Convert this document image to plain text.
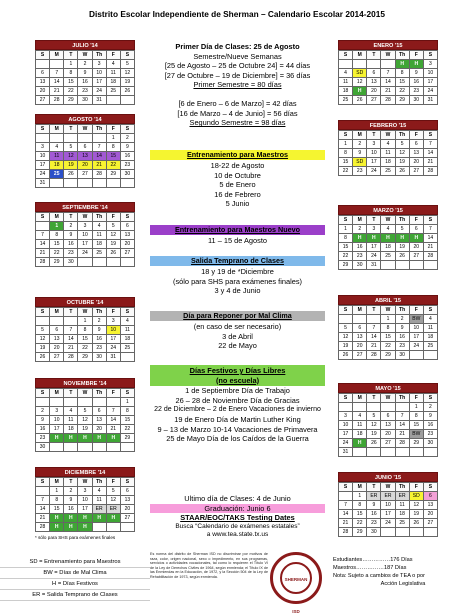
Distrito Escolar Independiente de Sherman – Calendario Escolar 2014-2015
JULIO '14
S	M	T	W	Th	F	S
		1	2	3	4	5
6	7	8	9	10	11	12
13	14	15	16	17	18	19
20	21	22	23	24	25	26
27	28	29	30	31		
AGOSTO '14
S	M	T	W	Th	F	S
					1	2
3	4	5	6	7	8	9
10	11	12	13	14	15	16
17	18	19	20	21	22	23
24	25	26	27	28	29	30
31						
SEPTIEMBRE '14
S	M	T	W	Th	F	S
	1	2	3	4	5	6
7	8	9	10	11	12	13
14	15	16	17	18	19	20
21	22	23	24	25	26	27
28	29	30				
OCTUBRE '14
S	M	T	W	Th	F	S
			1	2	3	4
5	6	7	8	9	10	11
12	13	14	15	16	17	18
19	20	21	22	23	24	25
26	27	28	29	30	31	
NOVIEMBRE '14
S	M	T	W	Th	F	S
						1
2	3	4	5	6	7	8
9	10	11	12	13	14	15
16	17	18	19	20	21	22
23	H	H	H	H	H	29
30						
DICIEMBRE '14
S	M	T	W	Th	F	S
	1	2	3	4	5	6
7	8	9	10	11	12	13
14	15	16	17	ER	ER	20
21	H	H	H	H	H	27
28	H	H	H			
ENERO '15
S	M	T	W	Th	F	S
				H	H	3
4	SD	6	7	8	9	10
11	12	13	14	15	16	17
18	H	20	21	22	23	24
25	26	27	28	29	30	31
FEBRERO '15
S	M	T	W	Th	F	S
1	2	3	4	5	6	7
8	9	10	11	12	13	14
15	SD	17	18	19	20	21
22	23	24	25	26	27	28
MARZO '15
S	M	T	W	Th	F	S
1	2	3	4	5	6	7
8	H	H	H	H	H	14
15	16	17	18	19	20	21
22	23	24	25	26	27	28
29	30	31				
ABRIL '15
S	M	T	W	Th	F	S
			1	2	BW	4
5	6	7	8	9	10	11
12	13	14	15	16	17	18
19	20	21	22	23	24	25
26	27	28	29	30		
MAYO '15
S	M	T	W	Th	F	S
					1	2
3	4	5	6	7	8	9
10	11	12	13	14	15	16
17	18	19	20	21	BW	23
24	H	26	27	28	29	30
31						
JUNIO '15
S	M	T	W	Th	F	S
	1	ER	ER	ER	SD	6
7	8	9	10	11	12	13
14	15	16	17	18	19	20
21	22	23	24	25	26	27
28	29	30				
Primer Día de Clases: 25 de Agosto
Semestre/Nueve Semanas
[25 de Agosto – 25 de Octubre 24] = 44 días
[27 de Octubre – 19 de Diciembre] = 36 días
Primer Semestre = 80 días
[6 de Enero – 6 de Marzo] = 42 días
[16 de Marzo – 4 de Junio] = 56 días
Segundo Semestre = 98 días
Entrenamiento para Maestros
18-22 de Agosto
10 de Octubre
5 de Enero
16 de Febrero
5 Junio
Entrenamiento para Maestros Nuevo
11 – 15 de Agosto
Salida Temprano de Clases
18 y 19 de *Diciembre
(sólo para SHS para exámenes finales)
3 y 4 de Junio
Día para Reponer por Mal Clima
(en caso de ser necesario)
3 de Abril
22 de Mayo
Días Festivos y Días Libres
(no escuela)
1 de Septiembre Día de Trabajo
26 – 28 de Noviembre Día de Gracias
22 de Diciembre – 2 de Enero Vacaciones de invierno
19 de Enero Día de Martin Luther King
9 – 13 de Marzo 10-14 Vacaciones de Primavera
25 de Mayo Día de los Caídos de la Guerra
Ultimo día de Clases: 4 de Junio
Graduación: Junio 6
STAAR/EOC/TAKS Testing Dates
Busca “Calendario de exámenes estatales”
a www.tea.state.tx.us
* sólo para SHS para exámenes finales
SD = Entrenamiento para Maestros
BW = Días de Mal Clima
H = Días Festivos
ER = Salida Temprano de Clases
Es norma del distrito de Sherman ISD no discriminar por motivos de raza, color, origen nacional, sexo o impedimento, en sus programas, servicios o actividades vocacionales, tal como lo requieren el Título VI de la Ley de Derechos Civiles de 1964, según enmienda; el Título IX de las Enmiendas en la Educación, de 1972, y la Sección 504 de la Ley de Rehabilitación de 1973, según enmienda.
SHERMAN ISD
Estudiantes……………176 Días
Maestros……………187 Días
Nota: Sujeto a cambios de TEA o por
Acción Legislativa
